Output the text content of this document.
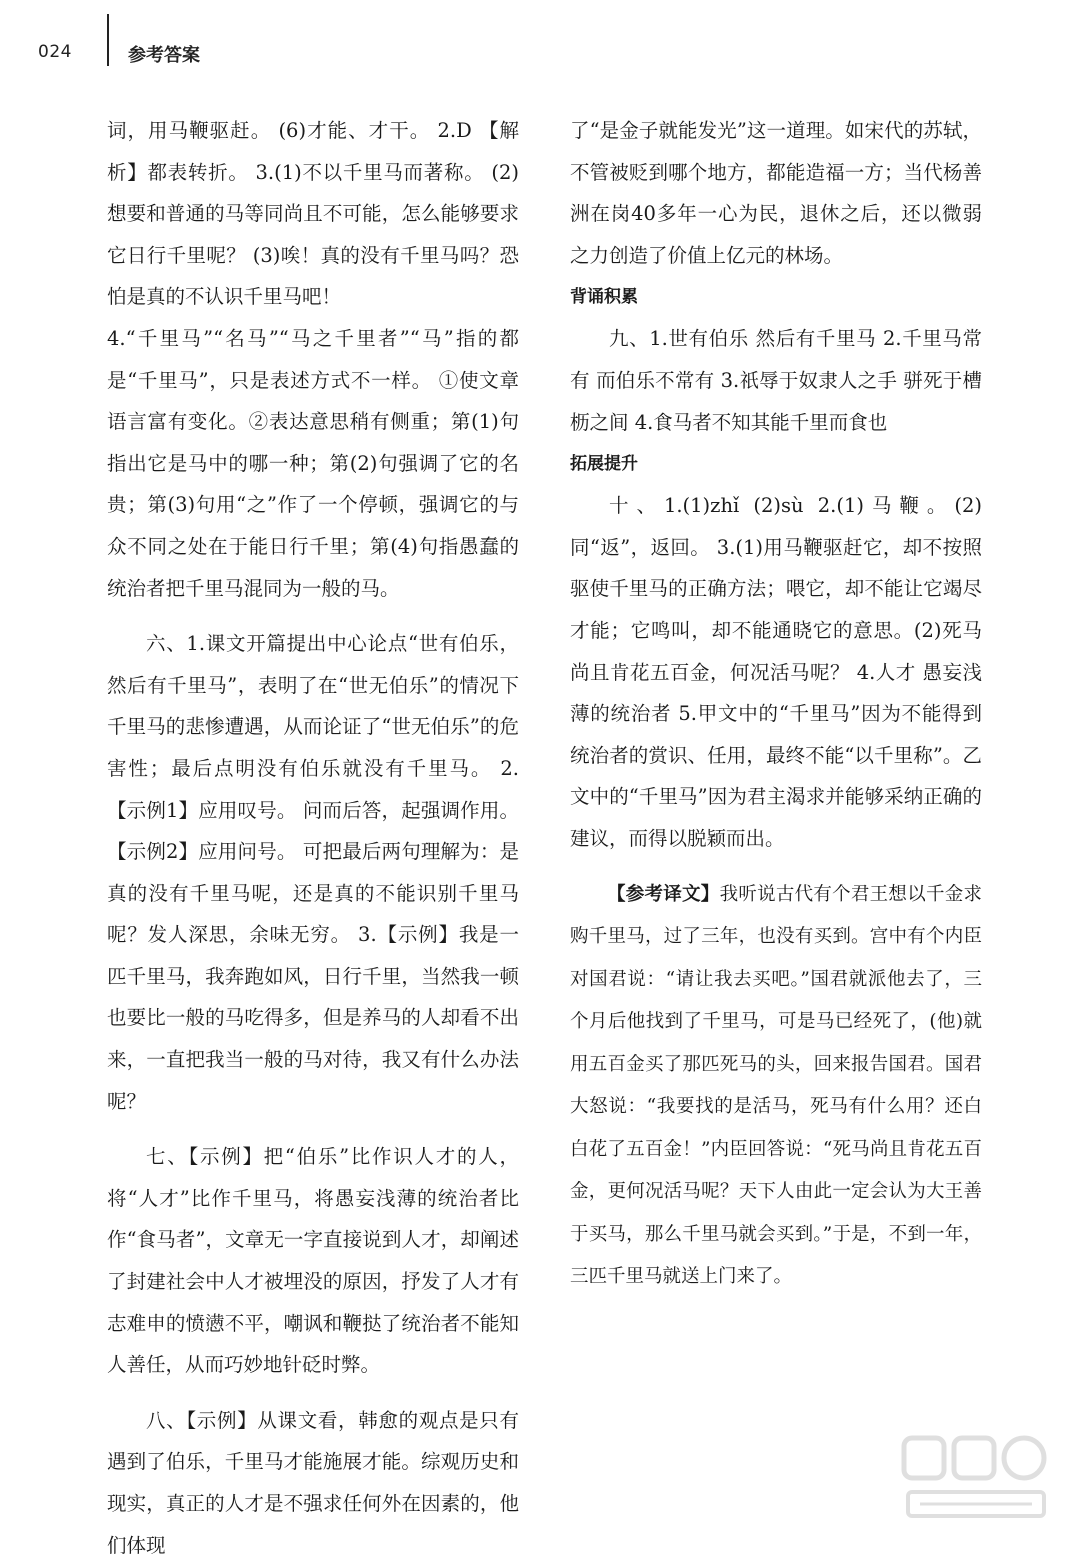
024	参考答案

词，用马鞭驱赶。 (6)才能、才干。 2.D 【解析】都表转折。 3.(1)不以千里马而著称。 (2)想要和普通的马等同尚且不可能，怎么能够要求它日行千里呢？ (3)唉！真的没有千里马吗？恐怕是真的不认识千里马吧！

4.“千里马”“名马”“马之千里者”“马”指的都是“千里马”，只是表述方式不一样。 ①使文章语言富有变化。②表达意思稍有侧重；第(1)句指出它是马中的哪一种；第(2)句强调了它的名贵；第(3)句用“之”作了一个停顿，强调它的与众不同之处在于能日行千里；第(4)句指愚蠢的统治者把千里马混同为一般的马。

六、1.课文开篇提出中心论点“世有伯乐，然后有千里马”，表明了在“世无伯乐”的情况下千里马的悲惨遭遇，从而论证了“世无伯乐”的危害性；最后点明没有伯乐就没有千里马。 2.【示例1】应用叹号。 问而后答，起强调作用。【示例2】应用问号。 可把最后两句理解为：是真的没有千里马呢，还是真的不能识别千里马呢？发人深思，余味无穷。 3.【示例】我是一匹千里马，我奔跑如风，日行千里，当然我一顿也要比一般的马吃得多，但是养马的人却看不出来，一直把我当一般的马对待，我又有什么办法呢？

七、【示例】把“伯乐”比作识人才的人，将“人才”比作千里马，将愚妄浅薄的统治者比作“食马者”，文章无一字直接说到人才，却阐述了封建社会中人才被埋没的原因，抒发了人才有志难申的愤懑不平，嘲讽和鞭挞了统治者不能知人善任，从而巧妙地针砭时弊。

八、【示例】从课文看，韩愈的观点是只有遇到了伯乐，千里马才能施展才能。综观历史和现实，真正的人才是不强求任何外在因素的，他们体现

了“是金子就能发光”这一道理。如宋代的苏轼，不管被贬到哪个地方，都能造福一方；当代杨善洲在岗40多年一心为民，退休之后，还以微弱之力创造了价值上亿元的林场。

背诵积累

九、1.世有伯乐 然后有千里马 2.千里马常有 而伯乐不常有 3.祇辱于奴隶人之手 骈死于槽枥之间 4.食马者不知其能千里而食也

拓展提升

十、1.(1)zhǐ (2)sù 2.(1)马鞭。(2)同“返”，返回。 3.(1)用马鞭驱赶它，却不按照驱使千里马的正确方法；喂它，却不能让它竭尽才能；它鸣叫，却不能通晓它的意思。(2)死马尚且肯花五百金，何况活马呢？ 4.人才 愚妄浅薄的统治者 5.甲文中的“千里马”因为不能得到统治者的赏识、任用，最终不能“以千里称”。乙文中的“千里马”因为君主渴求并能够采纳正确的建议，而得以脱颖而出。

【参考译文】我听说古代有个君王想以千金求购千里马，过了三年，也没有买到。宫中有个内臣对国君说：“请让我去买吧。”国君就派他去了，三个月后他找到了千里马，可是马已经死了，(他)就用五百金买了那匹死马的头，回来报告国君。国君大怒说：“我要找的是活马，死马有什么用？还白白花了五百金！”内臣回答说：“死马尚且肯花五百金，更何况活马呢？天下人由此一定会认为大王善于买马，那么千里马就会买到。”于是，不到一年，三匹千里马就送上门来了。
